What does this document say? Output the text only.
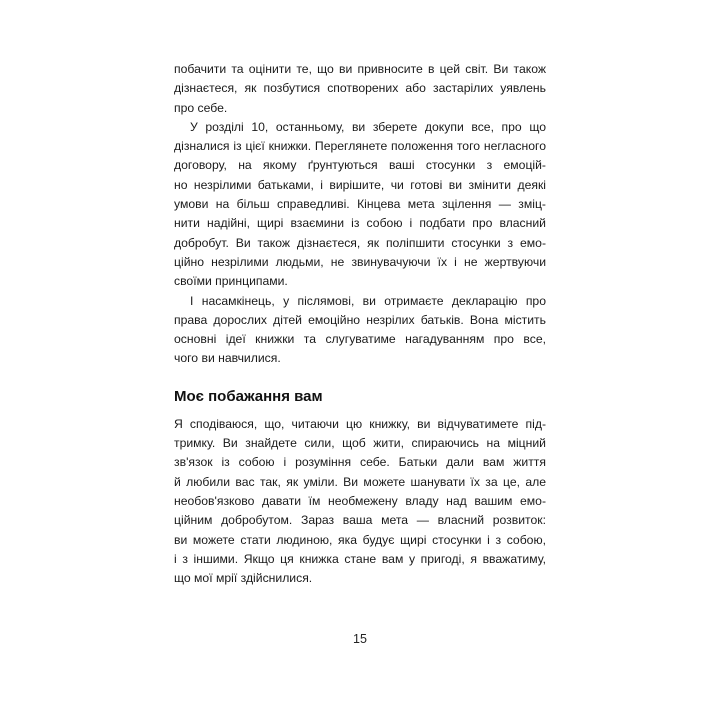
побачити та оцінити те, що ви привносите в цей світ. Ви також
дізнаєтеся, як позбутися спотворених або застарілих уявлень
про себе.
У розділі 10, останньому, ви зберете докупи все, про що
дізналися із цієї книжки. Переглянете положення того негласного
договору, на якому ґрунтуються ваші стосунки з емоцій-
но незрілими батьками, і вирішите, чи готові ви змінити деякі
умови на більш справедливі. Кінцева мета зцілення — зміц-
нити надійні, щирі взаємини із собою і подбати про власний
добробут. Ви також дізнаєтеся, як поліпшити стосунки з емо-
ційно незрілими людьми, не звинувачуючи їх і не жертвуючи
своїми принципами.
І насамкінець, у післямові, ви отримаєте декларацію про
права дорослих дітей емоційно незрілих батьків. Вона містить
основні ідеї книжки та слугуватиме нагадуванням про все,
чого ви навчилися.
Моє побажання вам
Я сподіваюся, що, читаючи цю книжку, ви відчуватимете під-
тримку. Ви знайдете сили, щоб жити, спираючись на міцний
зв'язок із собою і розуміння себе. Батьки дали вам життя
й любили вас так, як уміли. Ви можете шанувати їх за це, але
необов'язково давати їм необмежену владу над вашим емо-
ційним добробутом. Зараз ваша мета — власний розвиток:
ви можете стати людиною, яка будує щирі стосунки і з собою,
і з іншими. Якщо ця книжка стане вам у пригоді, я вважатиму,
що мої мрії здійснилися.
15
